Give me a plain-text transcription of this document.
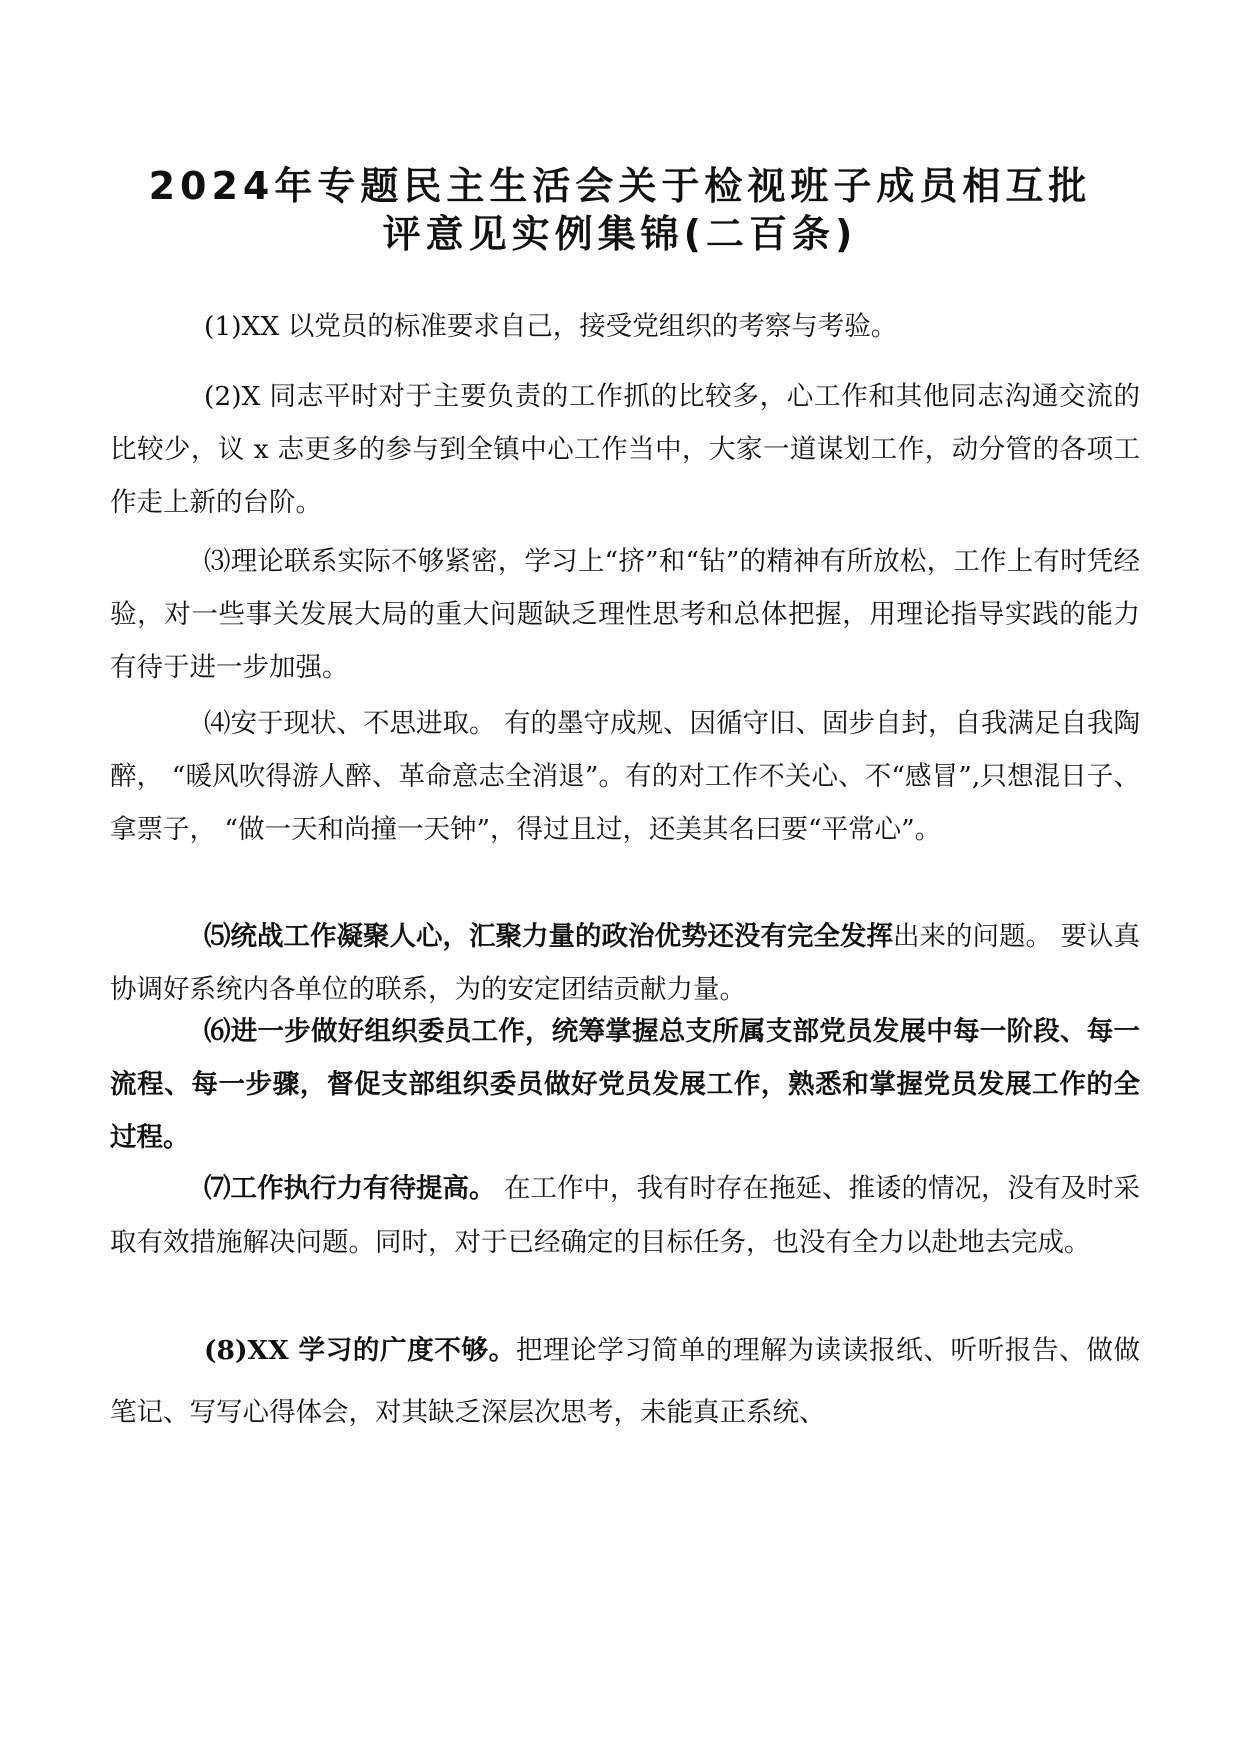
2024年专题民主生活会关于检视班子成员相互批
评意见实例集锦(二百条)

(1)XX 以党员的标准要求自己，接受党组织的考察与考验。

(2)X 同志平时对于主要负责的工作抓的比较多，心工作和其他同志沟通交流的比较少，议 x 志更多的参与到全镇中心工作当中，大家一道谋划工作，动分管的各项工作走上新的台阶。

⑶理论联系实际不够紧密，学习上“挤”和“钻”的精神有所放松，工作上有时凭经验，对一些事关发展大局的重大问题缺乏理性思考和总体把握，用理论指导实践的能力有待于进一步加强。

⑷安于现状、不思进取。 有的墨守成规、因循守旧、固步自封，自我满足自我陶醉， “暖风吹得游人醉、革命意志全消退”。有的对工作不关心、不“感冒”,只想混日子、拿票子， “做一天和尚撞一天钟”，得过且过，还美其名曰要“平常心”。

⑸统战工作凝聚人心，汇聚力量的政治优势还没有完全发挥出来的问题。 要认真协调好系统内各单位的联系，为的安定团结贡献力量。

⑹进一步做好组织委员工作，统筹掌握总支所属支部党员发展中每一阶段、每一流程、每一步骤，督促支部组织委员做好党员发展工作，熟悉和掌握党员发展工作的全过程。

⑺工作执行力有待提高。 在工作中，我有时存在拖延、推诿的情况，没有及时采取有效措施解决问题。同时，对于已经确定的目标任务，也没有全力以赴地去完成。

(8)XX 学习的广度不够。把理论学习简单的理解为读读报纸、听听报告、做做笔记、写写心得体会，对其缺乏深层次思考，未能真正系统、
